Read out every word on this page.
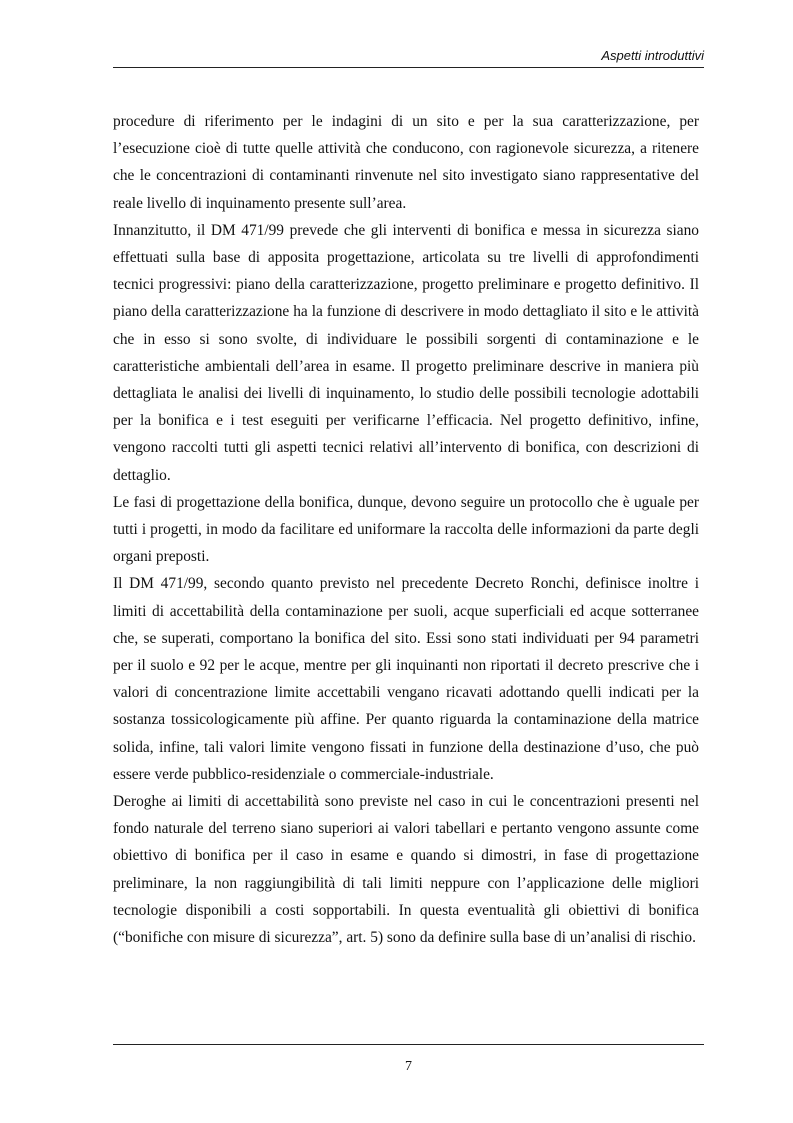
Aspetti introduttivi

procedure di riferimento per le indagini di un sito e per la sua caratterizzazione, per l’esecuzione cioè di tutte quelle attività che conducono, con ragionevole sicurezza, a ritenere che le concentrazioni di contaminanti rinvenute nel sito investigato siano rappresentative del reale livello di inquinamento presente sull’area.

Innanzitutto, il DM 471/99 prevede che gli interventi di bonifica e messa in sicurezza siano effettuati sulla base di apposita progettazione, articolata su tre livelli di approfondimenti tecnici progressivi: piano della caratterizzazione, progetto preliminare e progetto definitivo. Il piano della caratterizzazione ha la funzione di descrivere in modo dettagliato il sito e le attività che in esso si sono svolte, di individuare le possibili sorgenti di contaminazione e le caratteristiche ambientali dell’area in esame. Il progetto preliminare descrive in maniera più dettagliata le analisi dei livelli di inquinamento, lo studio delle possibili tecnologie adottabili per la bonifica e i test eseguiti per verificarne l’efficacia. Nel progetto definitivo, infine, vengono raccolti tutti gli aspetti tecnici relativi all’intervento di bonifica, con descrizioni di dettaglio.

Le fasi di progettazione della bonifica, dunque, devono seguire un protocollo che è uguale per tutti i progetti, in modo da facilitare ed uniformare la raccolta delle informazioni da parte degli organi preposti.

Il DM 471/99, secondo quanto previsto nel precedente Decreto Ronchi, definisce inoltre i limiti di accettabilità della contaminazione per suoli, acque superficiali ed acque sotterranee che, se superati, comportano la bonifica del sito. Essi sono stati individuati per 94 parametri per il suolo e 92 per le acque, mentre per gli inquinanti non riportati il decreto prescrive che i valori di concentrazione limite accettabili vengano ricavati adottando quelli indicati per la sostanza tossicologicamente più affine. Per quanto riguarda la contaminazione della matrice solida, infine, tali valori limite vengono fissati in funzione della destinazione d’uso, che può essere verde pubblico-residenziale o commerciale-industriale.

Deroghe ai limiti di accettabilità sono previste nel caso in cui le concentrazioni presenti nel fondo naturale del terreno siano superiori ai valori tabellari e pertanto vengono assunte come obiettivo di bonifica per il caso in esame e quando si dimostri, in fase di progettazione preliminare, la non raggiungibilità di tali limiti neppure con l’applicazione delle migliori tecnologie disponibili a costi sopportabili. In questa eventualità gli obiettivi di bonifica (“bonifiche con misure di sicurezza”, art. 5) sono da definire sulla base di un’analisi di rischio.

7
